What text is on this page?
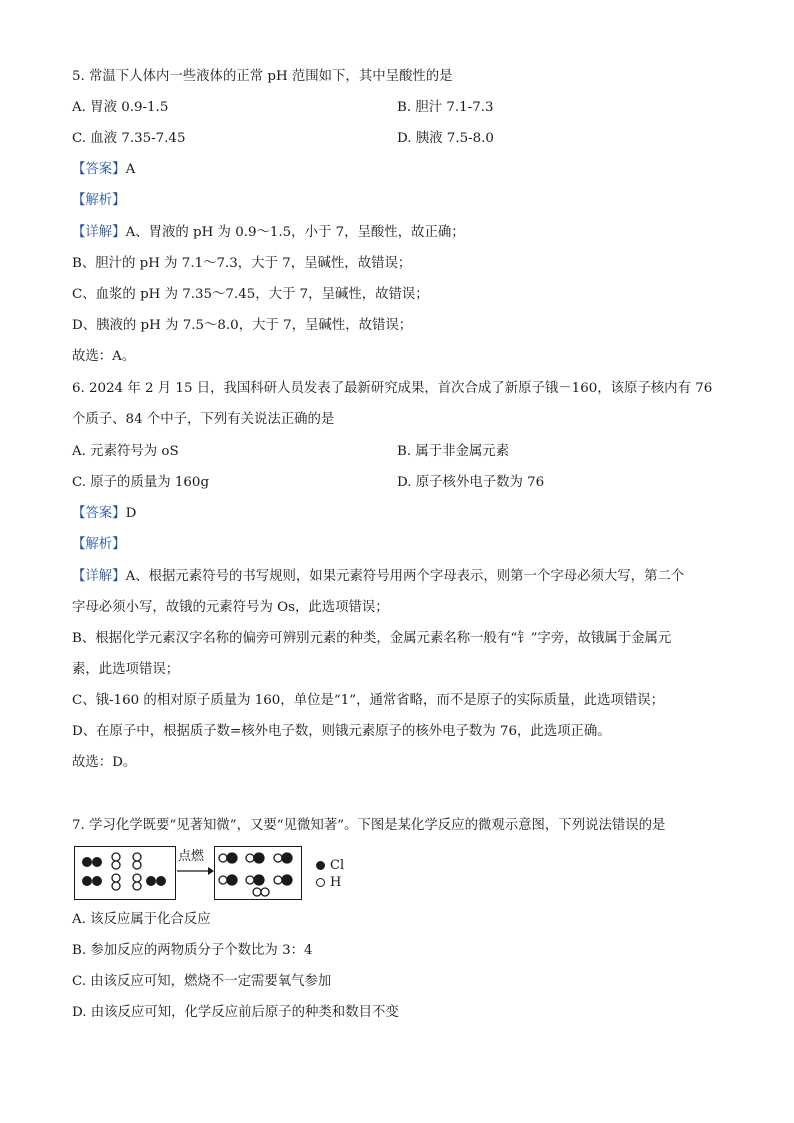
5. 常温下人体内一些液体的正常 pH 范围如下，其中呈酸性的是
A. 胃液 0.9-1.5	B. 胆汁 7.1-7.3
C. 血液 7.35-7.45	D. 胰液 7.5-8.0
【答案】A
【解析】
【详解】A、胃液的 pH 为 0.9～1.5，小于 7，呈酸性，故正确；
B、胆汁的 pH 为 7.1～7.3，大于 7，呈碱性，故错误；
C、血浆的 pH 为 7.35～7.45，大于 7，呈碱性，故错误；
D、胰液的 pH 为 7.5～8.0，大于 7，呈碱性，故错误；
故选：A。
6. 2024 年 2 月 15 日，我国科研人员发表了最新研究成果，首次合成了新原子锇－160，该原子核内有 76
个质子、84 个中子，下列有关说法正确的是
A. 元素符号为 oS	B. 属于非金属元素
C. 原子的质量为 160g	D. 原子核外电子数为 76
【答案】D
【解析】
【详解】A、根据元素符号的书写规则，如果元素符号用两个字母表示，则第一个字母必须大写，第二个
字母必须小写，故锇的元素符号为 Os，此选项错误；
B、根据化学元素汉字名称的偏旁可辨别元素的种类，金属元素名称一般有“钅”字旁，故锇属于金属元
素，此选项错误；
C、锇-160 的相对原子质量为 160，单位是“1”，通常省略，而不是原子的实际质量，此选项错误；
D、在原子中，根据质子数=核外电子数，则锇元素原子的核外电子数为 76，此选项正确。
故选：D。
7. 学习化学既要“见著知微”，又要“见微知著”。下图是某化学反应的微观示意图，下列说法错误的是
点燃
Cl
H
A. 该反应属于化合反应
B. 参加反应的两物质分子个数比为 3：4
C. 由该反应可知，燃烧不一定需要氧气参加
D. 由该反应可知，化学反应前后原子的种类和数目不变
